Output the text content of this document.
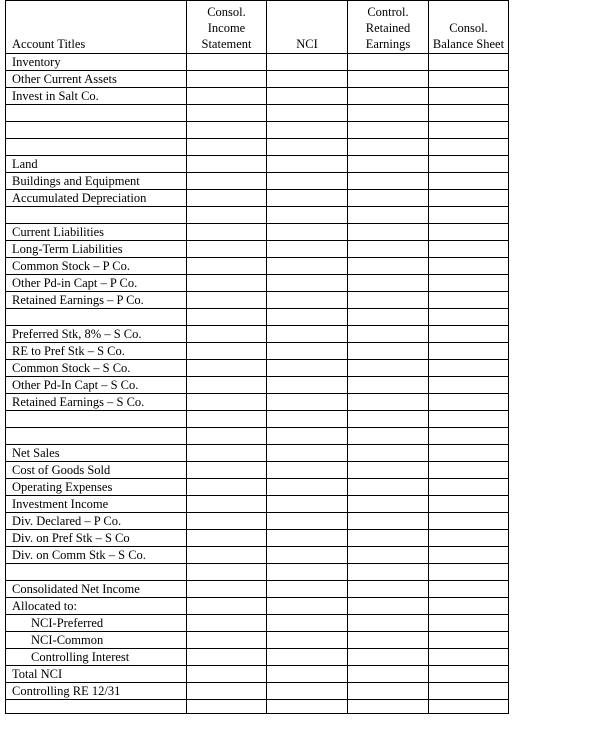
Account Titles	Consol. Income Statement	NCI	Control. Retained Earnings	Consol. Balance Sheet
Inventory				
Other Current Assets				
Invest in Salt Co.				

Land				
Buildings and Equipment				
Accumulated Depreciation				

Current Liabilities				
Long-Term Liabilities				
Common Stock – P Co.				
Other Pd-in Capt – P Co.				
Retained Earnings – P Co.				

Preferred Stk, 8% – S Co.				
RE to Pref Stk – S Co.				
Common Stock – S Co.				
Other Pd-In Capt – S Co.				
Retained Earnings – S Co.				

Net Sales				
Cost of Goods Sold				
Operating Expenses				
Investment Income				
Div. Declared – P Co.				
Div. on Pref Stk – S Co				
Div. on Comm Stk – S Co.				

Consolidated Net Income				
Allocated to:				
NCI-Preferred				
NCI-Common				
Controlling Interest				
Total NCI				
Controlling RE 12/31				
